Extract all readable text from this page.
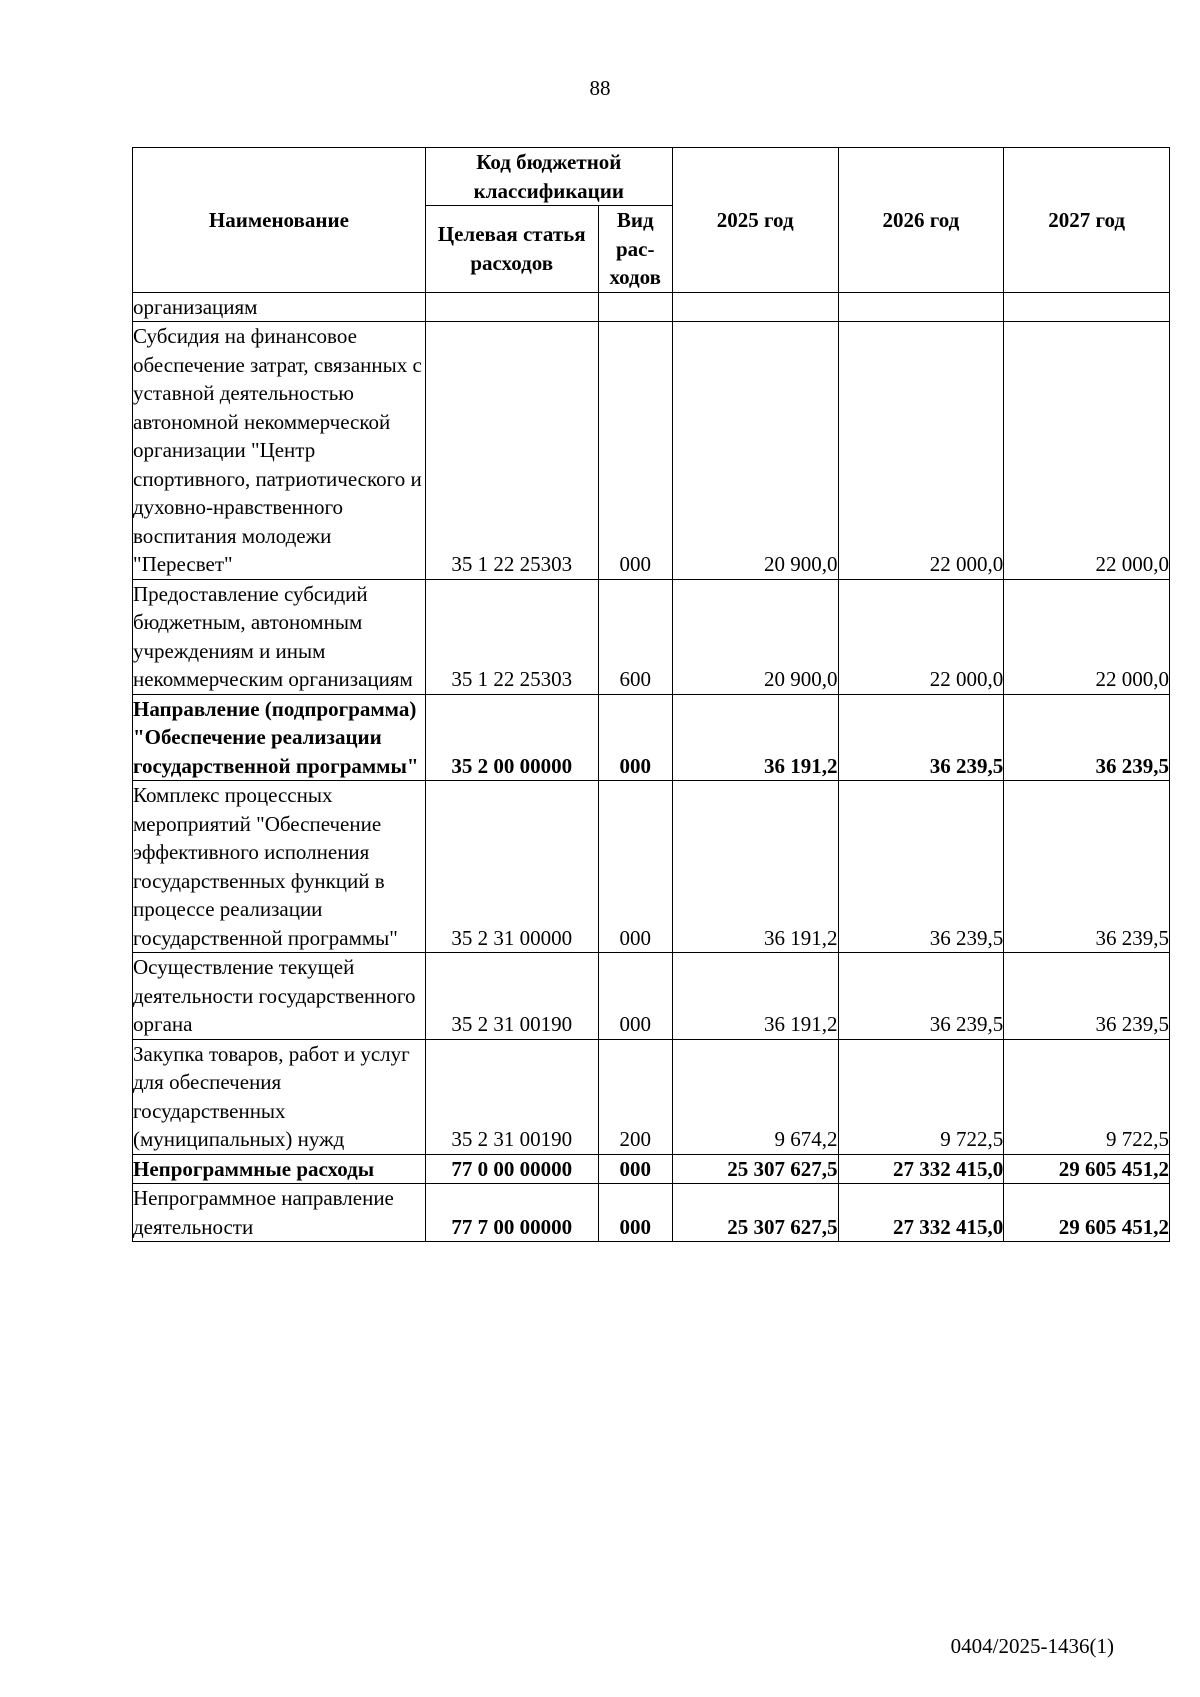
88
Наименование	Код бюджетной классификации		2025 год	2026 год	2027 год
	Целевая статья расходов	Вид рас-ходов			
организациям					
Субсидия на финансовое обеспечение затрат, связанных с уставной деятельностью автономной некоммерческой организации "Центр спортивного, патриотического и духовно-нравственного воспитания молодежи "Пересвет"	35 1 22 25303	000	20 900,0	22 000,0	22 000,0
Предоставление субсидий бюджетным, автономным учреждениям и иным некоммерческим организациям	35 1 22 25303	600	20 900,0	22 000,0	22 000,0
Направление (подпрограмма) "Обеспечение реализации государственной программы"	35 2 00 00000	000	36 191,2	36 239,5	36 239,5
Комплекс процессных мероприятий "Обеспечение эффективного исполнения государственных функций в процессе реализации государственной программы"	35 2 31 00000	000	36 191,2	36 239,5	36 239,5
Осуществление текущей деятельности государственного органа	35 2 31 00190	000	36 191,2	36 239,5	36 239,5
Закупка товаров, работ и услуг для обеспечения государственных (муниципальных) нужд	35 2 31 00190	200	9 674,2	9 722,5	9 722,5
Непрограммные расходы	77 0 00 00000	000	25 307 627,5	27 332 415,0	29 605 451,2
Непрограммное направление деятельности	77 7 00 00000	000	25 307 627,5	27 332 415,0	29 605 451,2
0404/2025-1436(1)
